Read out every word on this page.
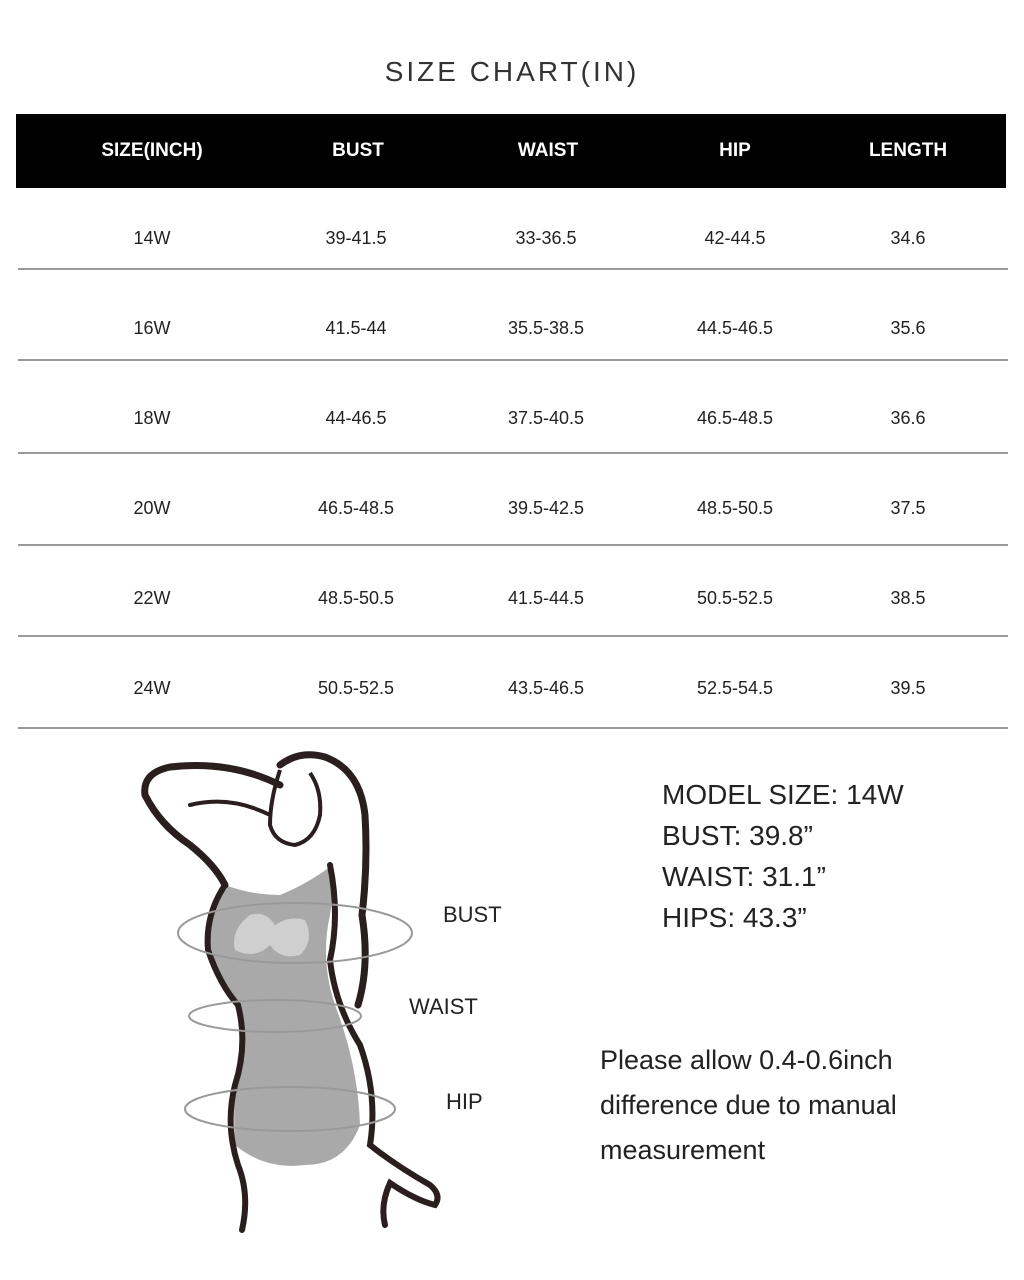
SIZE CHART(IN)
SIZE(INCH)	BUST	WAIST	HIP	LENGTH
14W	39-41.5	33-36.5	42-44.5	34.6
16W	41.5-44	35.5-38.5	44.5-46.5	35.6
18W	44-46.5	37.5-40.5	46.5-48.5	36.6
20W	46.5-48.5	39.5-42.5	48.5-50.5	37.5
22W	48.5-50.5	41.5-44.5	50.5-52.5	38.5
24W	50.5-52.5	43.5-46.5	52.5-54.5	39.5
BUST
WAIST
HIP
MODEL SIZE: 14W
BUST: 39.8”
WAIST: 31.1”
HIPS: 43.3”
Please allow 0.4-0.6inch difference due to manual measurement
